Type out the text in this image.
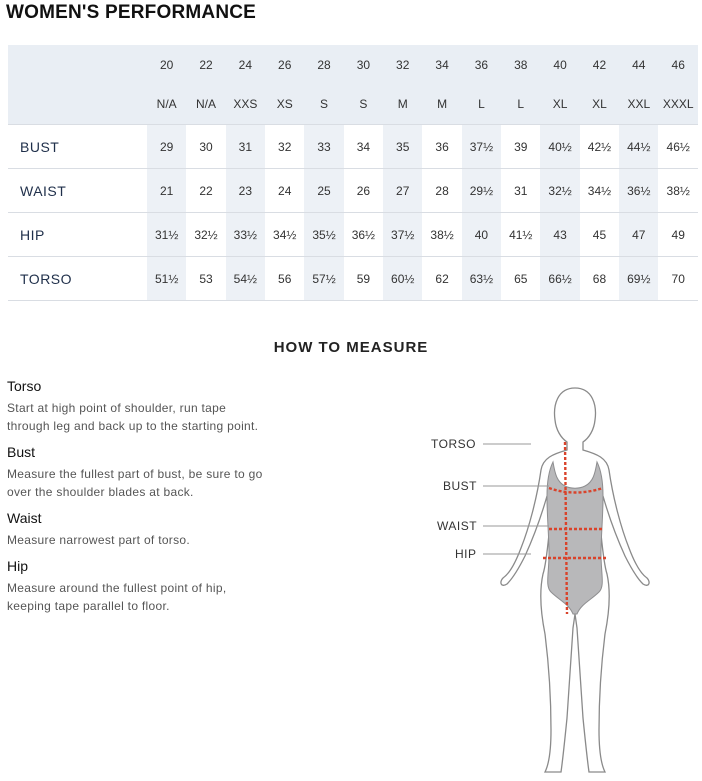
WOMEN'S PERFORMANCE
	20	22	24	26	28	30	32	34	36	38	40	42	44	46
	N/A	N/A	XXS	XS	S	S	M	M	L	L	XL	XL	XXL	XXXL
BUST	29	30	31	32	33	34	35	36	37½	39	40½	42½	44½	46½
WAIST	21	22	23	24	25	26	27	28	29½	31	32½	34½	36½	38½
HIP	31½	32½	33½	34½	35½	36½	37½	38½	40	41½	43	45	47	49
TORSO	51½	53	54½	56	57½	59	60½	62	63½	65	66½	68	69½	70
HOW TO MEASURE
Torso

Start at high point of shoulder, run tape through leg and back up to the starting point.

Bust

Measure the fullest part of bust, be sure to go over the shoulder blades at back.

Waist

Measure narrowest part of torso.

Hip

Measure around the fullest point of hip, keeping tape parallel to floor.

TORSO
BUST
WAIST
HIP
